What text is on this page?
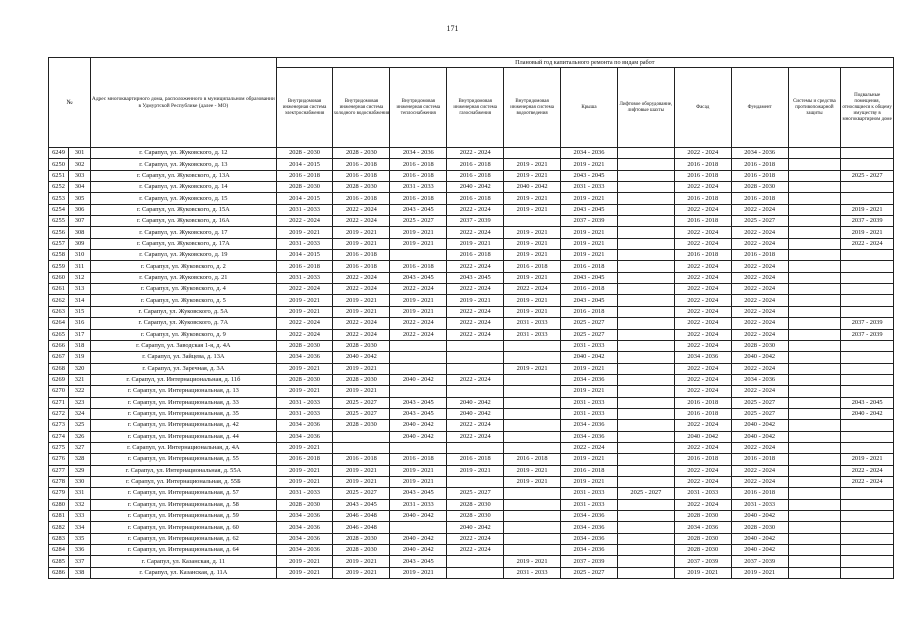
171
№		Адрес многоквартирного дома, расположенного в муниципальном образовании в Удмуртской Республике (далее - МО)	Плановый год капитального ремонта по видам работ										
			Внутридомовая инженерная система электроснабжения	Внутридомовая инженерная система холодного водоснабжения	Внутридомовая инженерная система теплоснабжения	Внутридомовая инженерная система газоснабжения	Внутридомовая инженерная система водоотведения	Крыша	Лифтовое оборудование, лифтовые шахты	Фасад	Фундамент	Системы и средства противопожарной защиты	Подвальные помещения, относящиеся к общему имуществу в многоквартирном доме
6249	301	г. Сарапул, ул. Жуковского, д. 12	2028 - 2030	2028 - 2030	2034 - 2036	2022 - 2024		2034 - 2036		2022 - 2024	2034 - 2036		
6250	302	г. Сарапул, ул. Жуковского, д. 13	2014 - 2015	2016 - 2018	2016 - 2018	2016 - 2018	2019 - 2021	2019 - 2021		2016 - 2018	2016 - 2018		
6251	303	г. Сарапул, ул. Жуковского, д. 13А	2016 - 2018	2016 - 2018	2016 - 2018	2016 - 2018	2019 - 2021	2043 - 2045		2016 - 2018	2016 - 2018		2025 - 2027
6252	304	г. Сарапул, ул. Жуковского, д. 14	2028 - 2030	2028 - 2030	2031 - 2033	2040 - 2042	2040 - 2042	2031 - 2033		2022 - 2024	2028 - 2030		
6253	305	г. Сарапул, ул. Жуковского, д. 15	2014 - 2015	2016 - 2018	2016 - 2018	2016 - 2018	2019 - 2021	2019 - 2021		2016 - 2018	2016 - 2018		
6254	306	г. Сарапул, ул. Жуковского, д. 15А	2031 - 2033	2022 - 2024	2043 - 2045	2022 - 2024	2019 - 2021	2043 - 2045		2022 - 2024	2022 - 2024		2019 - 2021
6255	307	г. Сарапул, ул. Жуковского, д. 16А	2022 - 2024	2022 - 2024	2025 - 2027	2037 - 2039		2037 - 2039		2016 - 2018	2025 - 2027		2037 - 2039
6256	308	г. Сарапул, ул. Жуковского, д. 17	2019 - 2021	2019 - 2021	2019 - 2021	2022 - 2024	2019 - 2021	2019 - 2021		2022 - 2024	2022 - 2024		2019 - 2021
6257	309	г. Сарапул, ул. Жуковского, д. 17А	2031 - 2033	2019 - 2021	2019 - 2021	2019 - 2021	2019 - 2021	2019 - 2021		2022 - 2024	2022 - 2024		2022 - 2024
6258	310	г. Сарапул, ул. Жуковского, д. 19	2014 - 2015	2016 - 2018		2016 - 2018	2019 - 2021	2019 - 2021		2016 - 2018	2016 - 2018		
6259	311	г. Сарапул, ул. Жуковского, д. 2	2016 - 2018	2016 - 2018	2016 - 2018	2022 - 2024	2016 - 2018	2016 - 2018		2022 - 2024	2022 - 2024		
6260	312	г. Сарапул, ул. Жуковского, д. 21	2031 - 2033	2022 - 2024	2043 - 2045	2043 - 2045	2019 - 2021	2043 - 2045		2022 - 2024	2022 - 2024		
6261	313	г. Сарапул, ул. Жуковского, д. 4	2022 - 2024	2022 - 2024	2022 - 2024	2022 - 2024	2022 - 2024	2016 - 2018		2022 - 2024	2022 - 2024		
6262	314	г. Сарапул, ул. Жуковского, д. 5	2019 - 2021	2019 - 2021	2019 - 2021	2019 - 2021	2019 - 2021	2043 - 2045		2022 - 2024	2022 - 2024		
6263	315	г. Сарапул, ул. Жуковского, д. 5А	2019 - 2021	2019 - 2021	2019 - 2021	2022 - 2024	2019 - 2021	2016 - 2018		2022 - 2024	2022 - 2024		
6264	316	г. Сарапул, ул. Жуковского, д. 7А	2022 - 2024	2022 - 2024	2022 - 2024	2022 - 2024	2031 - 2033	2025 - 2027		2022 - 2024	2022 - 2024		2037 - 2039
6265	317	г. Сарапул, ул. Жуковского, д. 9	2022 - 2024	2022 - 2024	2022 - 2024	2022 - 2024	2031 - 2033	2025 - 2027		2022 - 2024	2022 - 2024		2037 - 2039
6266	318	г. Сарапул, ул. Заводская 1-я, д. 4А	2028 - 2030	2028 - 2030				2031 - 2033		2022 - 2024	2028 - 2030		
6267	319	г. Сарапул, ул. Зайцева, д. 13А	2034 - 2036	2040 - 2042				2040 - 2042		2034 - 2036	2040 - 2042		
6268	320	г. Сарапул, ул. Заречная, д. 3А	2019 - 2021	2019 - 2021			2019 - 2021	2019 - 2021		2022 - 2024	2022 - 2024		
6269	321	г. Сарапул, ул. Интернациональная, д. 11б	2028 - 2030	2028 - 2030	2040 - 2042	2022 - 2024		2034 - 2036		2022 - 2024	2034 - 2036		
6270	322	г. Сарапул, ул. Интернациональная, д. 13	2019 - 2021	2019 - 2021				2019 - 2021		2022 - 2024	2022 - 2024		
6271	323	г. Сарапул, ул. Интернациональная, д. 33	2031 - 2033	2025 - 2027	2043 - 2045	2040 - 2042		2031 - 2033		2016 - 2018	2025 - 2027		2043 - 2045
6272	324	г. Сарапул, ул. Интернациональная, д. 35	2031 - 2033	2025 - 2027	2043 - 2045	2040 - 2042		2031 - 2033		2016 - 2018	2025 - 2027		2040 - 2042
6273	325	г. Сарапул, ул. Интернациональная, д. 42	2034 - 2036	2028 - 2030	2040 - 2042	2022 - 2024		2034 - 2036		2022 - 2024	2040 - 2042		
6274	326	г. Сарапул, ул. Интернациональная, д. 44	2034 - 2036		2040 - 2042	2022 - 2024		2034 - 2036		2040 - 2042	2040 - 2042		
6275	327	г. Сарапул, ул. Интернациональная, д. 4А	2019 - 2021					2022 - 2024		2022 - 2024	2022 - 2024		
6276	328	г. Сарапул, ул. Интернациональная, д. 55	2016 - 2018	2016 - 2018	2016 - 2018	2016 - 2018	2016 - 2018	2019 - 2021		2016 - 2018	2016 - 2018		2019 - 2021
6277	329	г. Сарапул, ул. Интернациональная, д. 55А	2019 - 2021	2019 - 2021	2019 - 2021	2019 - 2021	2019 - 2021	2016 - 2018		2022 - 2024	2022 - 2024		2022 - 2024
6278	330	г. Сарапул, ул. Интернациональная, д. 55Б	2019 - 2021	2019 - 2021	2019 - 2021		2019 - 2021	2019 - 2021		2022 - 2024	2022 - 2024		2022 - 2024
6279	331	г. Сарапул, ул. Интернациональная, д. 57	2031 - 2033	2025 - 2027	2043 - 2045	2025 - 2027		2031 - 2033	2025 - 2027	2031 - 2033	2016 - 2018		
6280	332	г. Сарапул, ул. Интернациональная, д. 58	2028 - 2030	2043 - 2045	2031 - 2033	2028 - 2030		2031 - 2033		2022 - 2024	2031 - 2033		
6281	333	г. Сарапул, ул. Интернациональная, д. 59	2034 - 2036	2046 - 2048	2040 - 2042	2028 - 2030		2034 - 2036		2028 - 2030	2040 - 2042		
6282	334	г. Сарапул, ул. Интернациональная, д. 60	2034 - 2036	2046 - 2048		2040 - 2042		2034 - 2036		2034 - 2036	2028 - 2030		
6283	335	г. Сарапул, ул. Интернациональная, д. 62	2034 - 2036	2028 - 2030	2040 - 2042	2022 - 2024		2034 - 2036		2028 - 2030	2040 - 2042		
6284	336	г. Сарапул, ул. Интернациональная, д. 64	2034 - 2036	2028 - 2030	2040 - 2042	2022 - 2024		2034 - 2036		2028 - 2030	2040 - 2042		
6285	337	г. Сарапул, ул. Казанская, д. 11	2019 - 2021	2019 - 2021	2043 - 2045		2019 - 2021	2037 - 2039		2037 - 2039	2037 - 2039		
6286	338	г. Сарапул, ул. Казанская, д. 11А	2019 - 2021	2019 - 2021	2019 - 2021		2031 - 2033	2025 - 2027		2019 - 2021	2019 - 2021		
